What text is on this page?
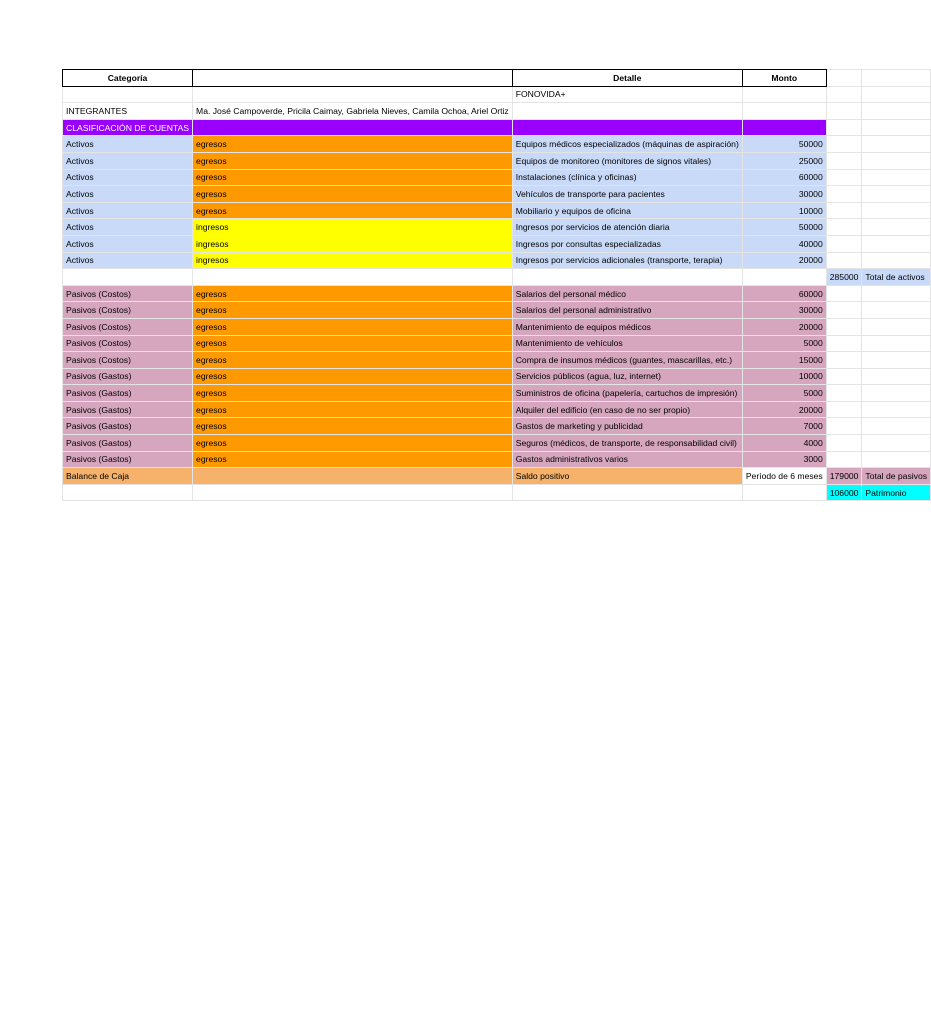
Categoría		Detalle	Monto		
		FONOVIDA+			
INTEGRANTES	Ma. José Campoverde, Pricila Caimay, Gabriela Nieves, Camila Ochoa, Ariel Ortiz				
CLASIFICACIÓN DE CUENTAS					
Activos	egresos	Equipos médicos especializados (máquinas de aspiración)	50000		
Activos	egresos	Equipos de monitoreo (monitores de signos vitales)	25000		
Activos	egresos	Instalaciones (clínica y oficinas)	60000		
Activos	egresos	Vehículos de transporte para pacientes	30000		
Activos	egresos	Mobiliario y equipos de oficina	10000		
Activos	ingresos	Ingresos por servicios de atención diaria	50000		
Activos	ingresos	Ingresos por consultas especializadas	40000		
Activos	ingresos	Ingresos por servicios adicionales (transporte, terapia)	20000		
				285000	Total de activos
Pasivos (Costos)	egresos	Salarios del personal médico	60000		
Pasivos (Costos)	egresos	Salarios del personal administrativo	30000		
Pasivos (Costos)	egresos	Mantenimiento de equipos médicos	20000		
Pasivos (Costos)	egresos	Mantenimiento de vehículos	5000		
Pasivos (Costos)	egresos	Compra de insumos médicos (guantes, mascarillas, etc.)	15000		
Pasivos (Gastos)	egresos	Servicios públicos (agua, luz, internet)	10000		
Pasivos (Gastos)	egresos	Suministros de oficina (papelería, cartuchos de impresión)	5000		
Pasivos (Gastos)	egresos	Alquiler del edificio (en caso de no ser propio)	20000		
Pasivos (Gastos)	egresos	Gastos de marketing y publicidad	7000		
Pasivos (Gastos)	egresos	Seguros (médicos, de transporte, de responsabilidad civil)	4000		
Pasivos (Gastos)	egresos	Gastos administrativos varios	3000		
Balance de Caja		Saldo positivo	Período de 6 meses	179000	Total de pasivos
				106000	Patrimonio
